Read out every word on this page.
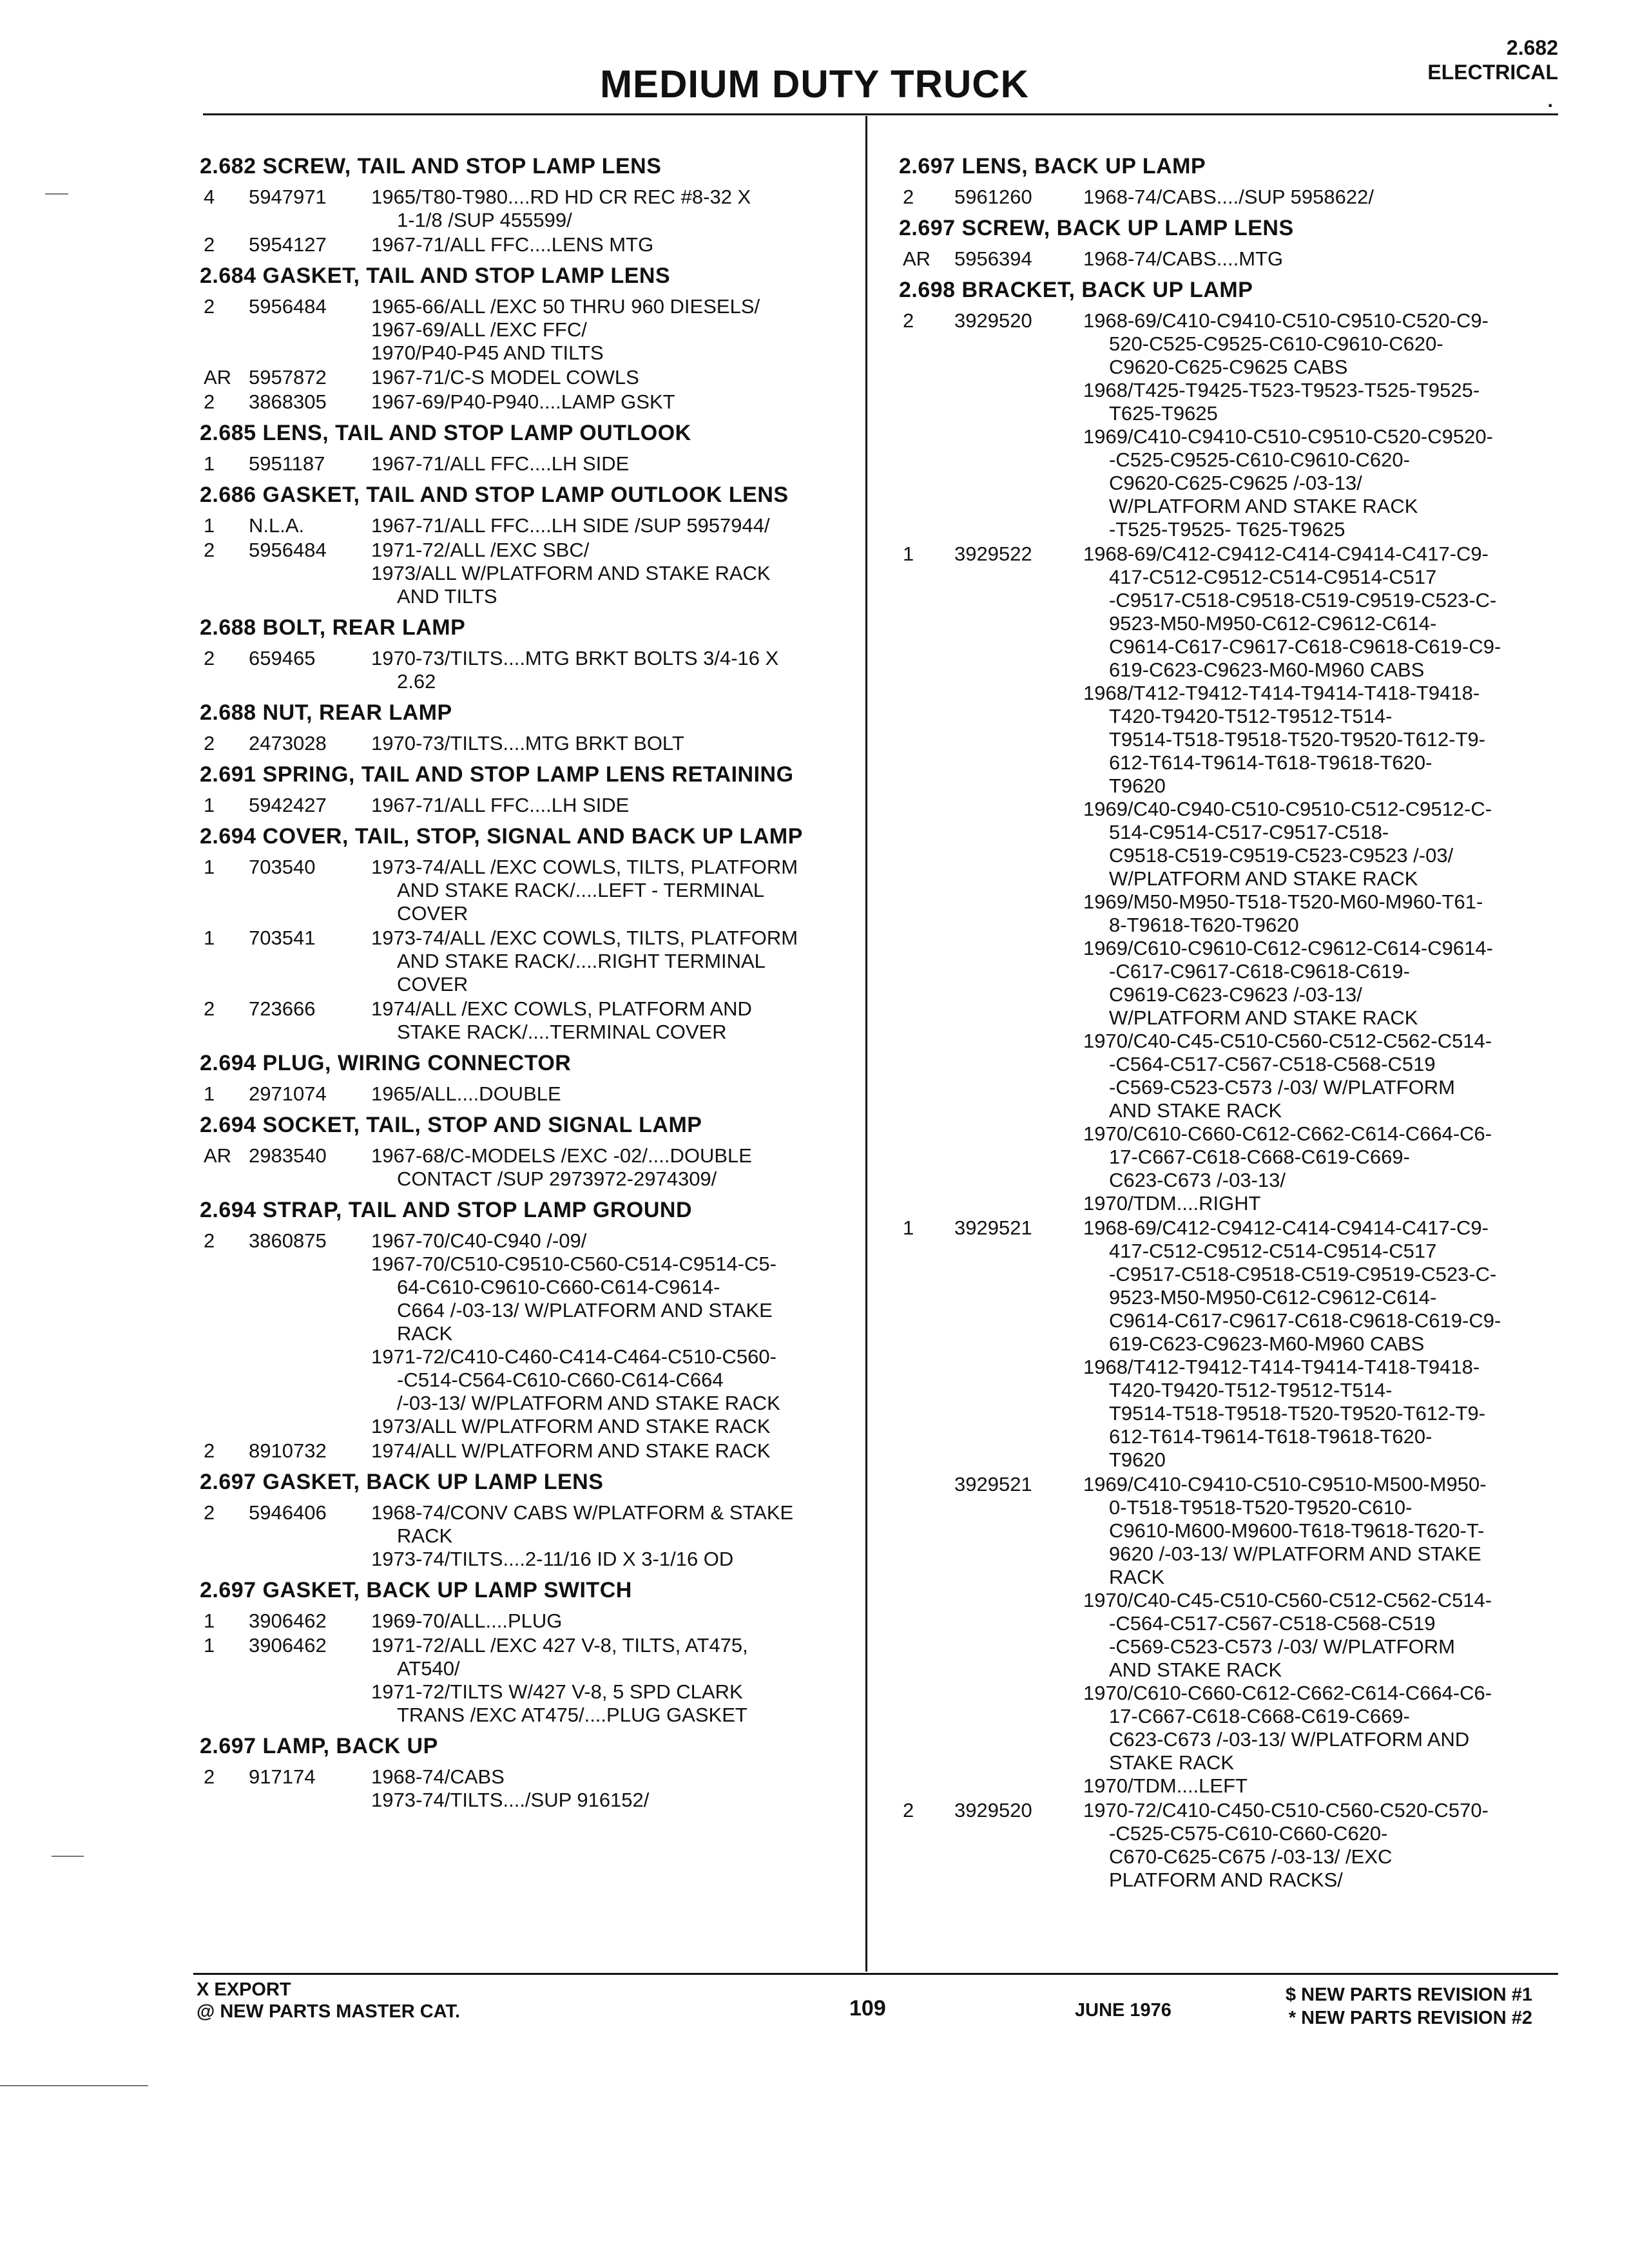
MEDIUM DUTY TRUCK
2.682
ELECTRICAL
.
2.682 SCREW, TAIL AND STOP LAMP LENS
4	5947971	1965/T80-T980....RD HD CR REC #8-32 X
1-1/8 /SUP 455599/
2	5954127	1967-71/ALL FFC....LENS MTG
2.684 GASKET, TAIL AND STOP LAMP LENS
2	5956484	1965-66/ALL /EXC 50 THRU 960 DIESELS/
1967-69/ALL /EXC FFC/
1970/P40-P45 AND TILTS
AR 5957872	1967-71/C-S MODEL COWLS
2	3868305	1967-69/P40-P940....LAMP GSKT
2.685 LENS, TAIL AND STOP LAMP OUTLOOK
1	5951187	1967-71/ALL FFC....LH SIDE
2.686 GASKET, TAIL AND STOP LAMP OUTLOOK LENS
1	N.L.A.	1967-71/ALL FFC....LH SIDE /SUP 5957944/
2	5956484	1971-72/ALL /EXC SBC/
1973/ALL W/PLATFORM AND STAKE RACK
AND TILTS
2.688 BOLT, REAR LAMP
2	659465	1970-73/TILTS....MTG BRKT BOLTS 3/4-16 X
2.62
2.688 NUT, REAR LAMP
2	2473028	1970-73/TILTS....MTG BRKT BOLT
2.691 SPRING, TAIL AND STOP LAMP LENS RETAINING
1	5942427	1967-71/ALL FFC....LH SIDE
2.694 COVER, TAIL, STOP, SIGNAL AND BACK UP LAMP
1	703540	1973-74/ALL /EXC COWLS, TILTS, PLATFORM
AND STAKE RACK/....LEFT - TERMINAL
COVER
1	703541	1973-74/ALL /EXC COWLS, TILTS, PLATFORM
AND STAKE RACK/....RIGHT TERMINAL
COVER
2	723666	1974/ALL /EXC COWLS, PLATFORM AND
STAKE RACK/....TERMINAL COVER
2.694 PLUG, WIRING CONNECTOR
1	2971074	1965/ALL....DOUBLE
2.694 SOCKET, TAIL, STOP AND SIGNAL LAMP
AR 2983540	1967-68/C-MODELS /EXC -02/....DOUBLE
CONTACT /SUP 2973972-2974309/
2.694 STRAP, TAIL AND STOP LAMP GROUND
2	3860875	1967-70/C40-C940 /-09/
1967-70/C510-C9510-C560-C514-C9514-C5-
64-C610-C9610-C660-C614-C9614-
C664 /-03-13/ W/PLATFORM AND STAKE
RACK
1971-72/C410-C460-C414-C464-C510-C560-
-C514-C564-C610-C660-C614-C664
/-03-13/ W/PLATFORM AND STAKE RACK
1973/ALL W/PLATFORM AND STAKE RACK
2	8910732	1974/ALL W/PLATFORM AND STAKE RACK
2.697 GASKET, BACK UP LAMP LENS
2	5946406	1968-74/CONV CABS W/PLATFORM & STAKE
RACK
1973-74/TILTS....2-11/16 ID X 3-1/16 OD
2.697 GASKET, BACK UP LAMP SWITCH
1	3906462	1969-70/ALL....PLUG
1	3906462	1971-72/ALL /EXC 427 V-8, TILTS, AT475,
AT540/
1971-72/TILTS W/427 V-8, 5 SPD CLARK
TRANS /EXC AT475/....PLUG GASKET
2.697 LAMP, BACK UP
2	917174	1968-74/CABS
1973-74/TILTS..../SUP 916152/
2.697 LENS, BACK UP LAMP
2	5961260	1968-74/CABS..../SUP 5958622/
2.697 SCREW, BACK UP LAMP LENS
AR	5956394	1968-74/CABS....MTG
2.698 BRACKET, BACK UP LAMP
2	3929520	1968-69/C410-C9410-C510-C9510-C520-C9-
520-C525-C9525-C610-C9610-C620-
C9620-C625-C9625 CABS
1968/T425-T9425-T523-T9523-T525-T9525-
T625-T9625
1969/C410-C9410-C510-C9510-C520-C9520-
-C525-C9525-C610-C9610-C620-
C9620-C625-C9625 /-03-13/
W/PLATFORM AND STAKE RACK
-T525-T9525- T625-T9625
1	3929522	1968-69/C412-C9412-C414-C9414-C417-C9-
417-C512-C9512-C514-C9514-C517
-C9517-C518-C9518-C519-C9519-C523-C-
9523-M50-M950-C612-C9612-C614-
C9614-C617-C9617-C618-C9618-C619-C9-
619-C623-C9623-M60-M960 CABS
1968/T412-T9412-T414-T9414-T418-T9418-
T420-T9420-T512-T9512-T514-
T9514-T518-T9518-T520-T9520-T612-T9-
612-T614-T9614-T618-T9618-T620-
T9620
1969/C40-C940-C510-C9510-C512-C9512-C-
514-C9514-C517-C9517-C518-
C9518-C519-C9519-C523-C9523 /-03/
W/PLATFORM AND STAKE RACK
1969/M50-M950-T518-T520-M60-M960-T61-
8-T9618-T620-T9620
1969/C610-C9610-C612-C9612-C614-C9614-
-C617-C9617-C618-C9618-C619-
C9619-C623-C9623 /-03-13/
W/PLATFORM AND STAKE RACK
1970/C40-C45-C510-C560-C512-C562-C514-
-C564-C517-C567-C518-C568-C519
-C569-C523-C573 /-03/ W/PLATFORM
AND STAKE RACK
1970/C610-C660-C612-C662-C614-C664-C6-
17-C667-C618-C668-C619-C669-
C623-C673 /-03-13/
1970/TDM....RIGHT
1	3929521	1968-69/C412-C9412-C414-C9414-C417-C9-
417-C512-C9512-C514-C9514-C517
-C9517-C518-C9518-C519-C9519-C523-C-
9523-M50-M950-C612-C9612-C614-
C9614-C617-C9617-C618-C9618-C619-C9-
619-C623-C9623-M60-M960 CABS
1968/T412-T9412-T414-T9414-T418-T9418-
T420-T9420-T512-T9512-T514-
T9514-T518-T9518-T520-T9520-T612-T9-
612-T614-T9614-T618-T9618-T620-
T9620
3929521	1969/C410-C9410-C510-C9510-M500-M950-
0-T518-T9518-T520-T9520-C610-
C9610-M600-M9600-T618-T9618-T620-T-
9620 /-03-13/ W/PLATFORM AND STAKE
RACK
1970/C40-C45-C510-C560-C512-C562-C514-
-C564-C517-C567-C518-C568-C519
-C569-C523-C573 /-03/ W/PLATFORM
AND STAKE RACK
1970/C610-C660-C612-C662-C614-C664-C6-
17-C667-C618-C668-C619-C669-
C623-C673 /-03-13/ W/PLATFORM AND
STAKE RACK
1970/TDM....LEFT
2	3929520	1970-72/C410-C450-C510-C560-C520-C570-
-C525-C575-C610-C660-C620-
C670-C625-C675 /-03-13/ /EXC
PLATFORM AND RACKS/
X EXPORT
@ NEW PARTS MASTER CAT.	109	JUNE 1976
$ NEW PARTS REVISION #1
* NEW PARTS REVISION #2
